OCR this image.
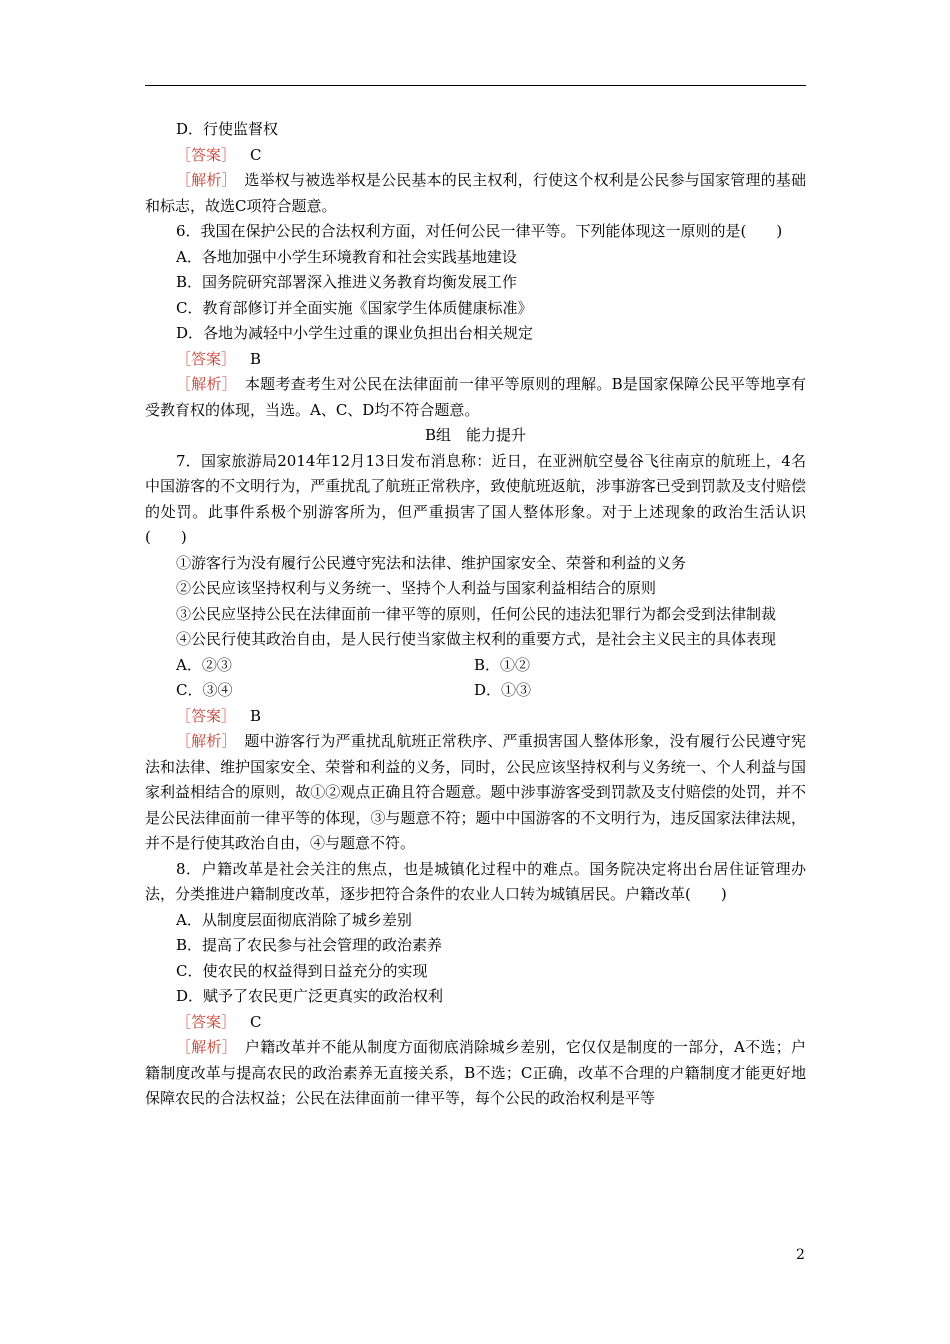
D．行使监督权

［答案］ C

［解析］　选举权与被选举权是公民基本的民主权利，行使这个权利是公民参与国家管理的基础和标志，故选C项符合题意。

6．我国在保护公民的合法权利方面，对任何公民一律平等。下列能体现这一原则的是(　　)

A．各地加强中小学生环境教育和社会实践基地建设

B．国务院研究部署深入推进义务教育均衡发展工作

C．教育部修订并全面实施《国家学生体质健康标准》

D．各地为减轻中小学生过重的课业负担出台相关规定

［答案］ B

［解析］　本题考查考生对公民在法律面前一律平等原则的理解。B是国家保障公民平等地享有受教育权的体现，当选。A、C、D均不符合题意。

B组　能力提升

7．国家旅游局2014年12月13日发布消息称：近日，在亚洲航空曼谷飞往南京的航班上，4名中国游客的不文明行为，严重扰乱了航班正常秩序，致使航班返航，涉事游客已受到罚款及支付赔偿的处罚。此事件系极个别游客所为，但严重损害了国人整体形象。对于上述现象的政治生活认识(　　)

①游客行为没有履行公民遵守宪法和法律、维护国家安全、荣誉和利益的义务

②公民应该坚持权利与义务统一、坚持个人利益与国家利益相结合的原则

③公民应坚持公民在法律面前一律平等的原则，任何公民的违法犯罪行为都会受到法律制裁

④公民行使其政治自由，是人民行使当家做主权利的重要方式，是社会主义民主的具体表现

A．②③	B．①②
C．③④	D．①③

［答案］ B

［解析］　题中游客行为严重扰乱航班正常秩序、严重损害国人整体形象，没有履行公民遵守宪法和法律、维护国家安全、荣誉和利益的义务，同时，公民应该坚持权利与义务统一、个人利益与国家利益相结合的原则，故①②观点正确且符合题意。题中涉事游客受到罚款及支付赔偿的处罚，并不是公民法律面前一律平等的体现，③与题意不符；题中中国游客的不文明行为，违反国家法律法规，并不是行使其政治自由，④与题意不符。

8．户籍改革是社会关注的焦点，也是城镇化过程中的难点。国务院决定将出台居住证管理办法，分类推进户籍制度改革，逐步把符合条件的农业人口转为城镇居民。户籍改革(　　)

A．从制度层面彻底消除了城乡差别

B．提高了农民参与社会管理的政治素养

C．使农民的权益得到日益充分的实现

D．赋予了农民更广泛更真实的政治权利

［答案］ C

［解析］　户籍改革并不能从制度方面彻底消除城乡差别，它仅仅是制度的一部分，A不选；户籍制度改革与提高农民的政治素养无直接关系，B不选；C正确，改革不合理的户籍制度才能更好地保障农民的合法权益；公民在法律面前一律平等，每个公民的政治权利是平等

2
